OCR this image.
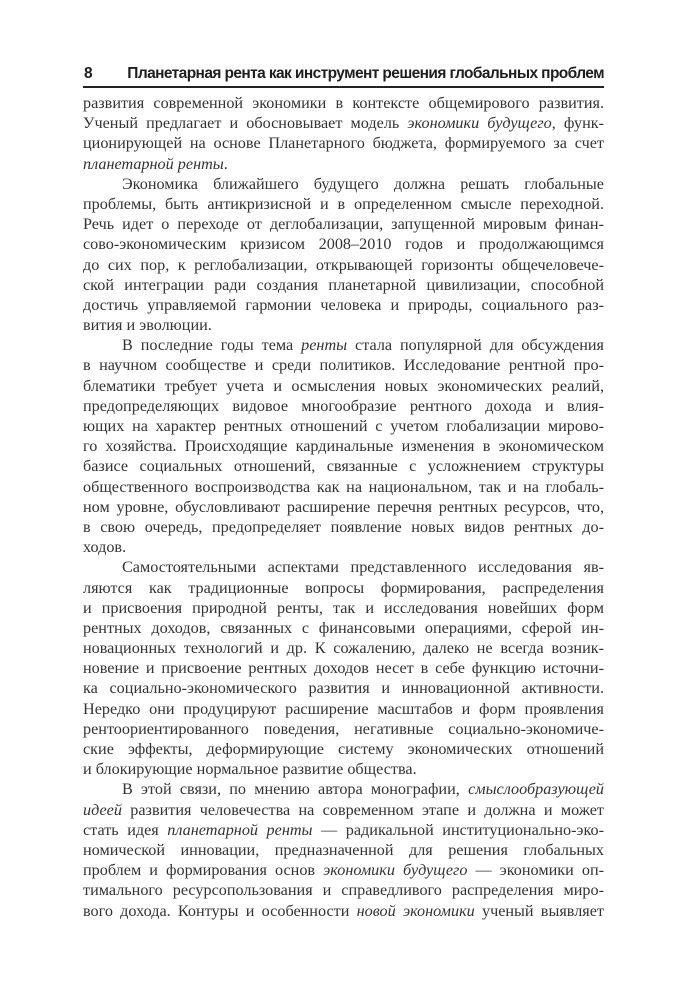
8 Планетарная рента как инструмент решения глобальных проблем
развития современной экономики в контексте общемирового развития.
Ученый предлагает и обосновывает модель экономики будущего, функ-
ционирующей на основе Планетарного бюджета, формируемого за счет
планетарной ренты.
Экономика ближайшего будущего должна решать глобальные
проблемы, быть антикризисной и в определенном смысле переходной.
Речь идет о переходе от деглобализации, запущенной мировым финан-
сово-экономическим кризисом 2008–2010 годов и продолжающимся
до сих пор, к реглобализации, открывающей горизонты общечеловече-
ской интеграции ради создания планетарной цивилизации, способной
достичь управляемой гармонии человека и природы, социального раз-
вития и эволюции.
В последние годы тема ренты стала популярной для обсуждения
в научном сообществе и среди политиков. Исследование рентной про-
блематики требует учета и осмысления новых экономических реалий,
предопределяющих видовое многообразие рентного дохода и влия-
ющих на характер рентных отношений с учетом глобализации мирово-
го хозяйства. Происходящие кардинальные изменения в экономическом
базисе социальных отношений, связанные с усложнением структуры
общественного воспроизводства как на национальном, так и на глобаль-
ном уровне, обусловливают расширение перечня рентных ресурсов, что,
в свою очередь, предопределяет появление новых видов рентных до-
ходов.
Самостоятельными аспектами представленного исследования яв-
ляются как традиционные вопросы формирования, распределения
и присвоения природной ренты, так и исследования новейших форм
рентных доходов, связанных с финансовыми операциями, сферой ин-
новационных технологий и др. К сожалению, далеко не всегда возник-
новение и присвоение рентных доходов несет в себе функцию источни-
ка социально-экономического развития и инновационной активности.
Нередко они продуцируют расширение масштабов и форм проявления
рентоориентированного поведения, негативные социально-экономиче-
ские эффекты, деформирующие систему экономических отношений
и блокирующие нормальное развитие общества.
В этой связи, по мнению автора монографии, смыслообразующей
идеей развития человечества на современном этапе и должна и может
стать идея планетарной ренты — радикальной институционально-эко-
номической инновации, предназначенной для решения глобальных
проблем и формирования основ экономики будущего — экономики оп-
тимального ресурсопользования и справедливого распределения миро-
вого дохода. Контуры и особенности новой экономики ученый выявляет
